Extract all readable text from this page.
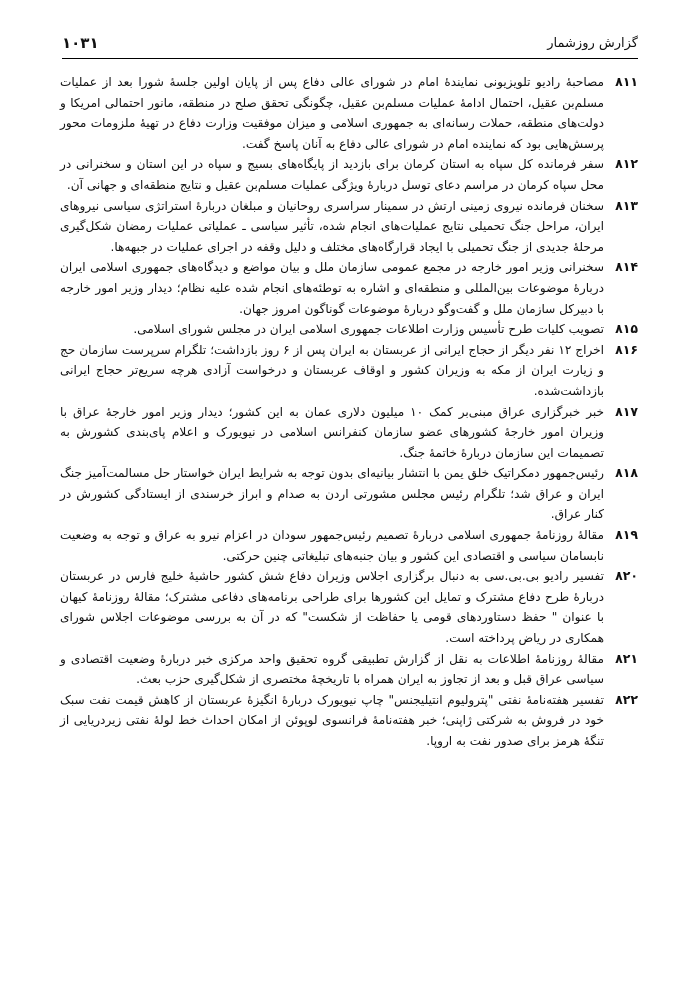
گزارش روزشمار
۱۰۳۱
۸۱۱
مصاحبهٔ رادیو تلویزیونی نمایندهٔ امام در شورای عالی دفاع پس از پایان اولین جلسهٔ شورا بعد از عملیات مسلم‌بن عقیل، احتمال ادامهٔ عملیات مسلم‌بن عقیل، چگونگی تحقق صلح در منطقه، مانور احتمالی امریکا و دولت‌های منطقه، حملات رسانه‌ای به جمهوری اسلامی و میزان موفقیت وزارت دفاع در تهیهٔ ملزومات محور پرسش‌هایی بود که نماینده امام در شورای عالی دفاع به آنان پاسخ گفت.
۸۱۲
سفر فرمانده کل سپاه به استان کرمان برای بازدید از پایگاه‌های بسیج و سپاه در این استان و سخنرانی در محل سپاه کرمان در مراسم دعای توسل دربارهٔ ویژگی عملیات مسلم‌بن عقیل و نتایج منطقه‌ای و جهانی آن.
۸۱۳
سخنان فرمانده نیروی زمینی ارتش در سمینار سراسری روحانیان و مبلغان دربارهٔ استراتژی سیاسی نیروهای ایران، مراحل جنگ تحمیلی نتایج عملیات‌های انجام شده، تأثیر سیاسی ـ عملیاتی عملیات رمضان شکل‌گیری مرحلهٔ جدیدی از جنگ تحمیلی با ایجاد قرارگاه‌های مختلف و دلیل وقفه در اجرای عملیات در جبهه‌ها.
۸۱۴
سخنرانی وزیر امور خارجه در مجمع عمومی سازمان ملل و بیان مواضع و دیدگاه‌های جمهوری اسلامی ایران دربارهٔ موضوعات بین‌المللی و منطقه‌ای و اشاره به توطئه‌های انجام شده علیه نظام؛ دیدار وزیر امور خارجه با دبیرکل سازمان ملل و گفت‌وگو دربارهٔ موضوعات گوناگون امروز جهان.
۸۱۵
تصویب کلیات طرح تأسیس وزارت اطلاعات جمهوری اسلامی ایران در مجلس شورای اسلامی.
۸۱۶
اخراج ۱۲ نفر دیگر از حجاج ایرانی از عربستان به ایران پس از ۶ روز بازداشت؛ تلگرام سرپرست سازمان حج و زیارت ایران از مکه به وزیران کشور و اوقاف عربستان و درخواست آزادی هرچه سریع‌تر حجاج ایرانی بازداشت‌شده.
۸۱۷
خبر خبرگزاری عراق مبنی‌بر کمک ۱۰ میلیون دلاری عمان به این کشور؛ دیدار وزیر امور خارجهٔ عراق با وزیران امور خارجهٔ کشورهای عضو سازمان کنفرانس اسلامی در نیویورک و اعلام پای‌بندی کشورش به تصمیمات این سازمان دربارهٔ خاتمهٔ جنگ.
۸۱۸
رئیس‌جمهور دمکراتیک خلق یمن با انتشار بیانیه‌ای بدون توجه به شرایط ایران خواستار حل مسالمت‌آمیز جنگ ایران و عراق شد؛ تلگرام رئیس مجلس مشورتی اردن به صدام و ابراز خرسندی از ایستادگی کشورش در کنار عراق.
۸۱۹
مقالهٔ روزنامهٔ جمهوری اسلامی دربارهٔ تصمیم رئیس‌جمهور سودان در اعزام نیرو به عراق و توجه به وضعیت نابسامان سیاسی و اقتصادی این کشور و بیان جنبه‌های تبلیغاتی چنین حرکتی.
۸۲۰
تفسیر رادیو بی.بی.سی به دنبال برگزاری اجلاس وزیران دفاع شش کشور حاشیهٔ خلیج فارس در عربستان دربارهٔ طرح دفاع مشترک و تمایل این کشورها برای طراحی برنامه‌های دفاعی مشترک؛ مقالهٔ روزنامهٔ کیهان با عنوان " حفظ دستاوردهای قومی یا حفاظت از شکست" که در آن به بررسی موضوعات اجلاس شورای همکاری در ریاض پرداخته است.
۸۲۱
مقالهٔ روزنامهٔ اطلاعات به نقل از گزارش تطبیقی گروه تحقیق واحد مرکزی خبر دربارهٔ وضعیت اقتصادی و سیاسی عراق قبل و بعد از تجاوز به ایران همراه با تاریخچهٔ مختصری از شکل‌گیری حزب بعث.
۸۲۲
تفسیر هفته‌نامهٔ نفتی "پترولیوم انتیلیجنس" چاپ نیویورک دربارهٔ انگیزهٔ عربستان از کاهش قیمت نفت سبک خود در فروش به شرکتی ژاپنی؛ خبر هفته‌نامهٔ فرانسوی لوپوئن از امکان احداث خط لولهٔ نفتی زیردریایی از تنگهٔ هرمز برای صدور نفت به اروپا.
